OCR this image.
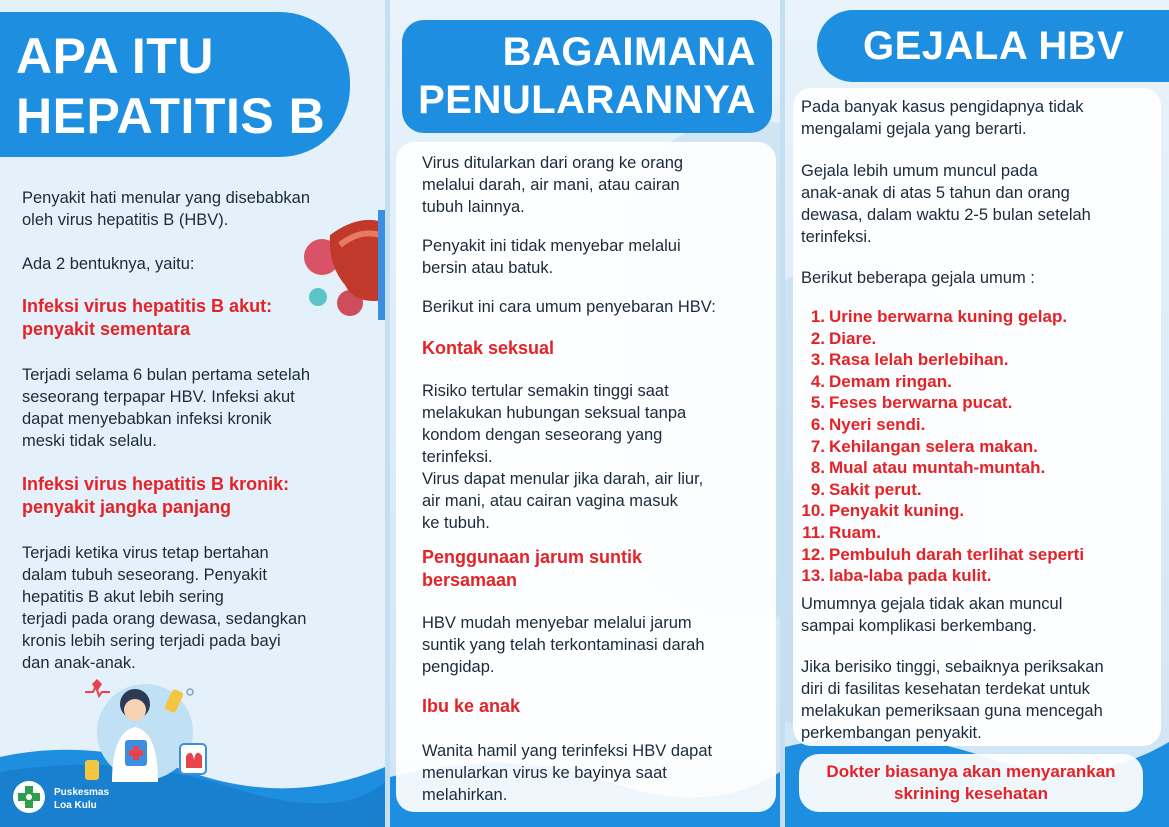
APA ITU
HEPATITIS B
Penyakit hati menular yang disebabkan
oleh virus hepatitis B (HBV).
Ada 2 bentuknya, yaitu:
Infeksi virus hepatitis B akut:
penyakit sementara
Terjadi selama 6 bulan pertama setelah
seseorang terpapar HBV. Infeksi akut
dapat menyebabkan infeksi kronik
meski tidak selalu.
Infeksi virus hepatitis B kronik:
penyakit jangka panjang
Terjadi ketika virus tetap bertahan
dalam tubuh seseorang. Penyakit
hepatitis B akut lebih sering
terjadi pada orang dewasa, sedangkan
kronis lebih sering terjadi pada bayi
dan anak-anak.
Puskesmas
Loa Kulu
BAGAIMANA
PENULARANNYA
Virus ditularkan dari orang ke orang
melalui darah, air mani, atau cairan
tubuh lainnya.
Penyakit ini tidak menyebar melalui
bersin atau batuk.
Berikut ini cara umum penyebaran HBV:
Kontak seksual
Risiko tertular semakin tinggi saat
melakukan hubungan seksual tanpa
kondom dengan seseorang yang
terinfeksi.
Virus dapat menular jika darah, air liur,
air mani, atau cairan vagina masuk
ke tubuh.
Penggunaan jarum suntik
bersamaan
HBV mudah menyebar melalui jarum
suntik yang telah terkontaminasi darah
pengidap.
Ibu ke anak
Wanita hamil yang terinfeksi HBV dapat
menularkan virus ke bayinya saat
melahirkan.
GEJALA HBV
Pada banyak kasus pengidapnya tidak
mengalami gejala yang berarti.
Gejala lebih umum muncul pada
anak-anak di atas 5 tahun dan orang
dewasa, dalam waktu 2-5 bulan setelah
terinfeksi.
Berikut beberapa gejala umum :
1. Urine berwarna kuning gelap.
2. Diare.
3. Rasa lelah berlebihan.
4. Demam ringan.
5. Feses berwarna pucat.
6. Nyeri sendi.
7. Kehilangan selera makan.
8. Mual atau muntah-muntah.
9. Sakit perut.
10. Penyakit kuning.
11. Ruam.
12. Pembuluh darah terlihat seperti
13. laba-laba pada kulit.
Umumnya gejala tidak akan muncul
sampai komplikasi berkembang.
Jika berisiko tinggi, sebaiknya periksakan
diri di fasilitas kesehatan terdekat untuk
melakukan pemeriksaan guna mencegah
perkembangan penyakit.
Dokter biasanya akan menyarankan
skrining kesehatan
